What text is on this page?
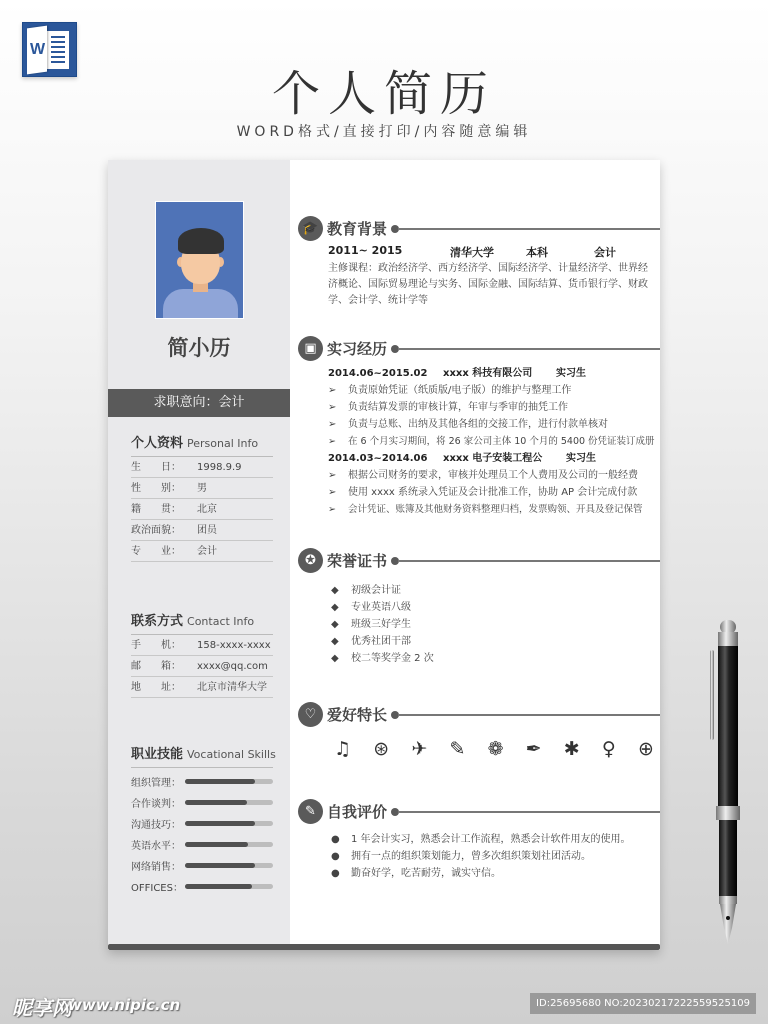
W
个人简历
WORD格式/直接打印/内容随意编辑
简小历
求职意向：会计
个人资料 Personal Info
生　　日：	1998.9.9
性　　别：	男
籍　　贯：	北京
政治面貌：	团员
专　　业：	会计
联系方式 Contact Info
手　　机：	158-xxxx-xxxx
邮　　箱：	xxxx@qq.com
地　　址：	北京市清华大学
职业技能 Vocational Skills
组织管理：
合作谈判：
沟通技巧：
英语水平：
网络销售：
OFFICES：
🎓 教育背景
2011~ 2015	清华大学	本科	会计
主修课程：政治经济学、西方经济学、国际经济学、计量经济学、世界经济概论、国际贸易理论与实务、国际金融、国际结算、货币银行学、财政学、会计学、统计学等
▣ 实习经历
2014.06~2015.02 xxxx 科技有限公司 实习生
➢ 负责原始凭证（纸质版/电子版）的维护与整理工作
➢ 负责结算发票的审核计算，年审与季审的抽凭工作
➢ 负责与总账、出纳及其他各组的交接工作，进行付款单核对
➢ 在 6 个月实习期间，将 26 家公司主体 10 个月的 5400 份凭证装订成册
2014.03~2014.06 xxxx 电子安装工程公 实习生
➢ 根据公司财务的要求，审核并处理员工个人费用及公司的一般经费
➢ 使用 xxxx 系统录入凭证及会计批准工作，协助 AP 会计完成付款
➢ 会计凭证、账簿及其他财务资料整理归档，发票购领、开具及登记保管
✪ 荣誉证书
◆ 初级会计证
◆ 专业英语八级
◆ 班级三好学生
◆ 优秀社团干部
◆ 校二等奖学金 2 次
♡ 爱好特长
♫ ⊛ ✈ ✎ ❁ ✒ ✱ ♀ ⊕
✎ 自我评价
● 1 年会计实习，熟悉会计工作流程，熟悉会计软件用友的使用。
● 拥有一点的组织策划能力，曾多次组织策划社团活动。
● 勤奋好学，吃苦耐劳，诚实守信。
昵享网
www.nipic.cn	ID:25695680 NO:20230217222559525109
